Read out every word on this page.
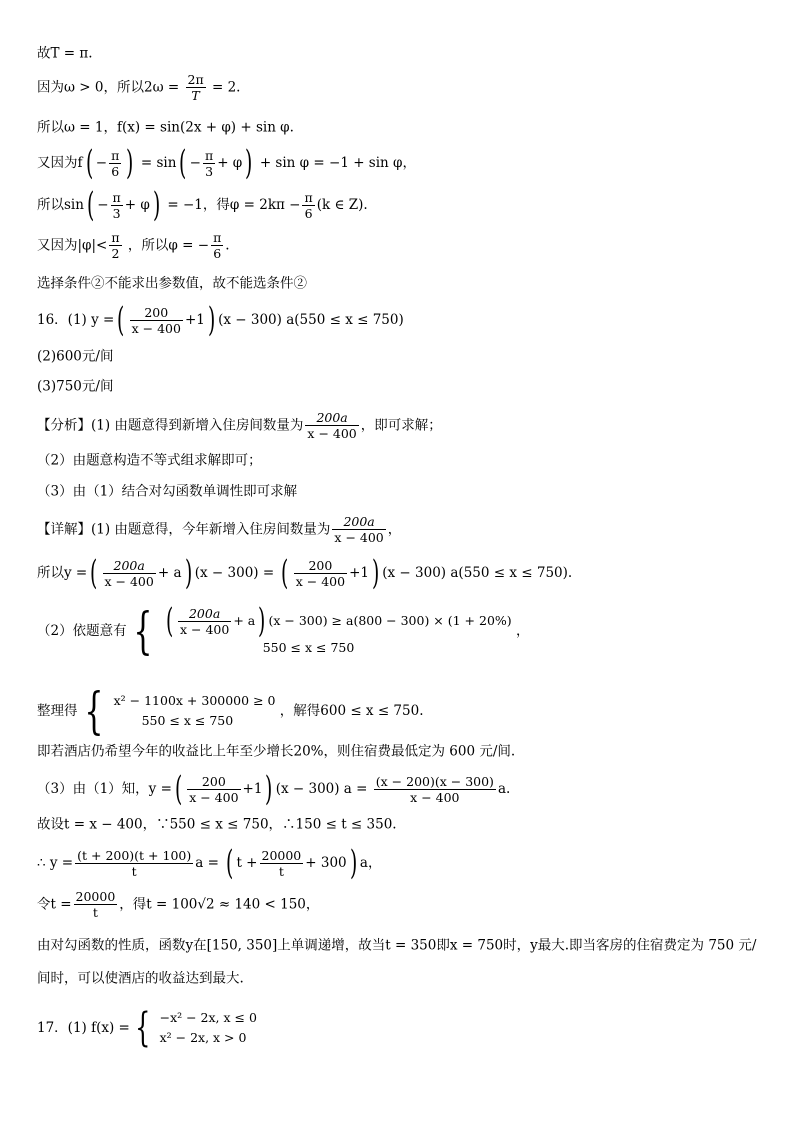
故T = π.
因为ω > 0，所以$2\omega = \frac{2\pi}{T} = 2$.
所以ω = 1，f(x) = sin(2x + φ) + sin φ.
又因为$f( - \frac{\pi}{6}$ ) = $\sin( - \frac{\pi}{3} + \varphi) + \sin \varphi = -1 + \sin \varphi$，
所以$\sin( - \frac{\pi}{3} + \varphi) = -1$，得$\varphi = 2k\pi - \frac{\pi}{6} (k$ ∈ Z).
又因为$|\varphi|< \frac{\pi}{2}$ ，所以φ = − $\frac{\pi}{6}$ .
选择条件②不能求出参数值，故不能选条件②
16．(1) y =( $\frac{200}{x - 400} +1$) (x − 300) a(550 ≤ x ≤ 750)
(2)600元/间
(3)750元/间
【分析】(1) 由题意得到新增入住房间数量为 $\frac{200a}{x - 400}$ ，即可求解；
（2）由题意构造不等式组求解即可；
（3）由（1）结合对勾函数单调性即可求解
【详解】(1) 由题意得，今年新增入住房间数量为 $\frac{200a}{x - 400}$ ，
所以y =( $\frac{200a}{x - 400} + a$) (x − 300) = ( $\frac{200}{x - 400} +1$) (x − 300) a(550 ≤ x ≤ 750).
（2）依题意有 { ( $\frac{200a}{x - 400} + a$) (x − 300) ≥ a(800 − 300) × (1 + 20%)
550 ≤ x ≤ 750
，
整理得 { x² − 1100x + 300000 ≥ 0
550 ≤ x ≤ 750
，解得600 ≤ x ≤ 750.
即若酒店仍希望今年的收益比上年至少增长20%，则住宿费最低定为 600 元/间.
（3）由（1）知，y =( $\frac{200}{x - 400} +1$) (x − 300) $a = \frac{(x - 200)(x - 300)}{x - 400} a$.
故设t = x − 400，∵550 ≤ x ≤ 750，∴150 ≤ t ≤ 350.
∴ $y = \frac{(t + 200)(t + 100)}{t}$ a = ( $t + \frac{20000}{t} + 300$) a，
令$t = \frac{20000}{t}$ ，得t = 100√2 ≈ 140 < 150，
由对勾函数的性质，函数y在[150, 350]上单调递增，故当t = 350即x = 750时，y最大.即当客房的住宿费定为 750 元/
间时，可以使酒店的收益达到最大.
17．(1) f(x) = { −x² − 2x, x ≤ 0
x² − 2x, x > 0
